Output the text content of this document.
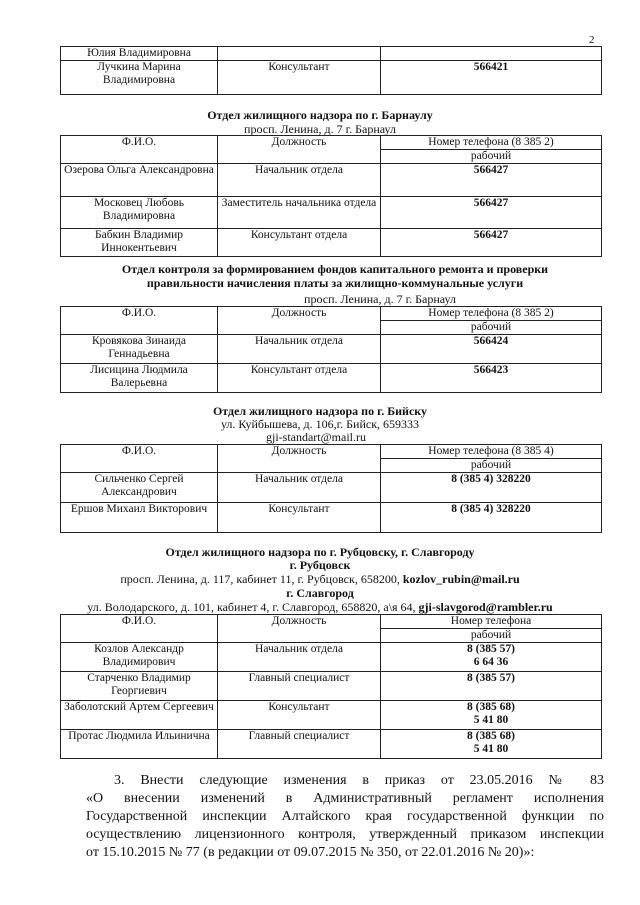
2
Юлия Владимировна		
Лучкина Марина Владимировна	Консультант	566421
Отдел жилищного надзора по г. Барнаулу
просп. Ленина, д. 7 г. Барнаул
Ф.И.О.	Должность	Номер телефона (8 385 2)
		рабочий
Озерова Ольга Александровна	Начальник отдела	566427
Московец Любовь Владимировна	Заместитель начальника отдела	566427
Бабкин Владимир Иннокентьевич	Консультант отдела	566427
Отдел контроля за формированием фондов капитального ремонта и проверки правильности начисления платы за жилищно-коммунальные услуги
просп. Ленина, д. 7 г. Барнаул
Ф.И.О.	Должность	Номер телефона (8 385 2)
		рабочий
Кровякова Зинаида Геннадьевна	Начальник отдела	566424
Лисицина Людмила Валерьевна	Консультант отдела	566423
Отдел жилищного надзора по г. Бийску
ул. Куйбышева, д. 106,г. Бийск, 659333
gji-standart@mail.ru
Ф.И.О.	Должность	Номер телефона (8 385 4)
		рабочий
Сильченко Сергей Александрович	Начальник отдела	8 (385 4) 328220
Ершов Михаил Викторович	Консультант	8 (385 4) 328220
Отдел жилищного надзора по г. Рубцовску, г. Славгороду
г. Рубцовск
просп. Ленина, д. 117, кабинет 11, г. Рубцовск, 658200, kozlov_rubin@mail.ru
г. Славгород
ул. Володарского, д. 101, кабинет 4, г. Славгород, 658820, а\я 64, gji-slavgorod@rambler.ru
Ф.И.О.	Должность	Номер телефона
		рабочий
Козлов Александр Владимирович	Начальник отдела	8 (385 57)
6 64 36

Старченко Владимир Георгиевич	Главный специалист	8 (385 57)

Заболотский Артем Сергеевич	Консультант	8 (385 68)
5 41 80

Протас Людмила Ильинична	Главный специалист	8 (385 68)
5 41 80
3. Внести следующие изменения в приказ от 23.05.2016 № 83
«О внесении изменений в Административный регламент исполнения
Государственной инспекции Алтайского края государственной функции по
осуществлению лицензионного контроля, утвержденный приказом инспекции
от 15.10.2015 № 77 (в редакции от 09.07.2015 № 350, от 22.01.2016 № 20)»:
